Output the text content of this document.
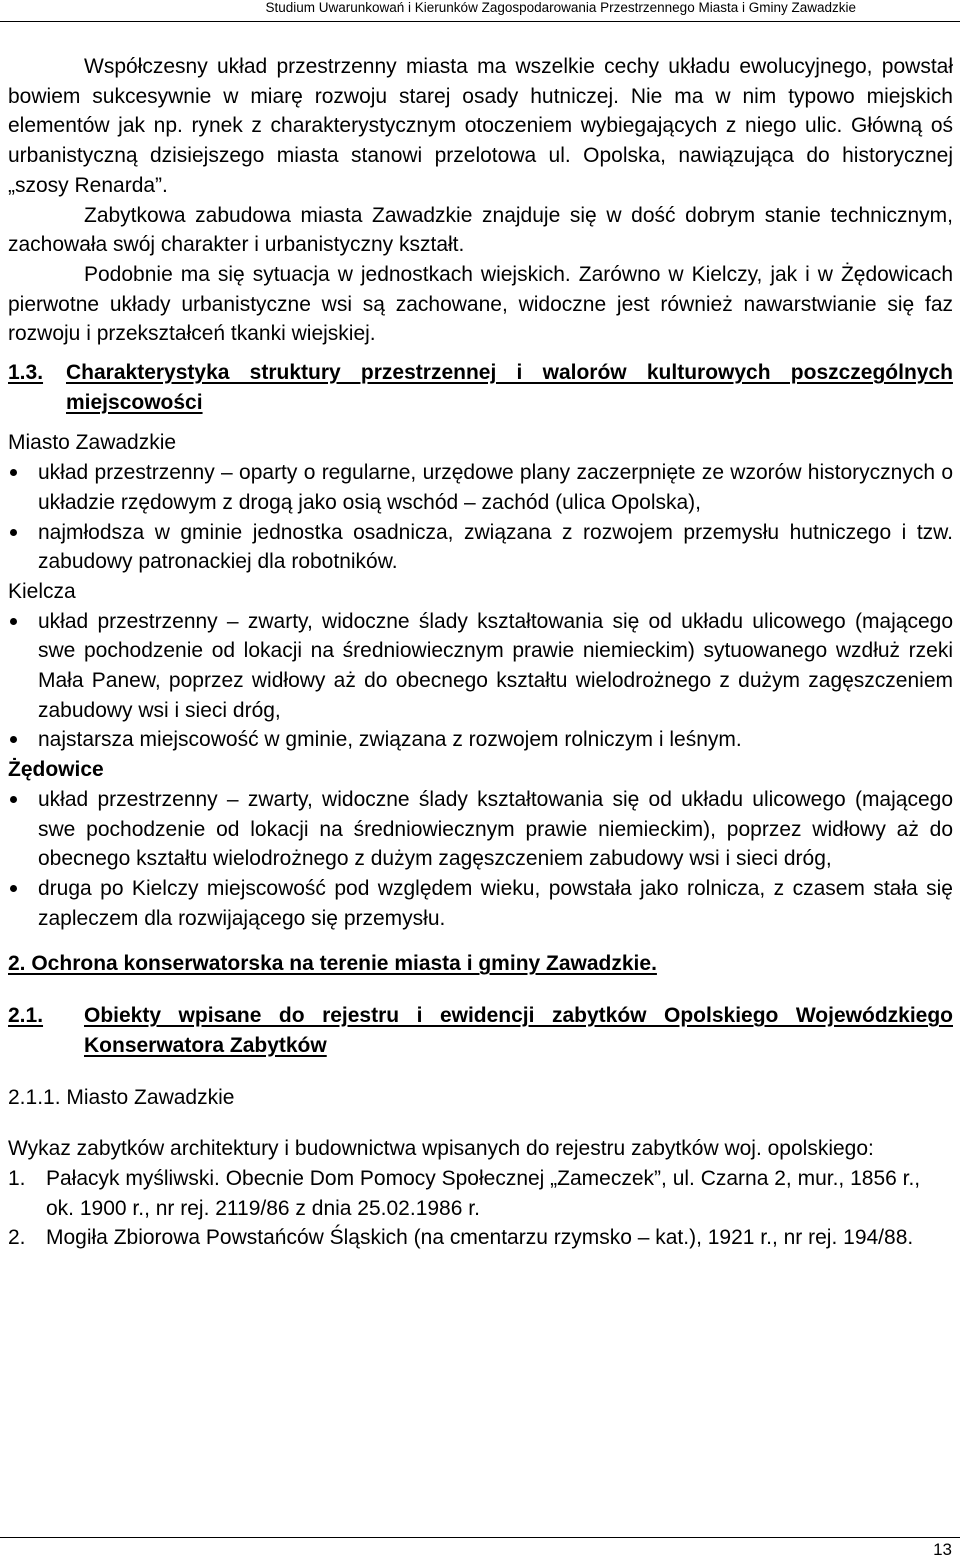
Studium Uwarunkowań i Kierunków Zagospodarowania Przestrzennego Miasta i Gminy Zawadzkie

Współczesny układ przestrzenny miasta ma wszelkie cechy układu ewolucyjnego, powstał bowiem sukcesywnie w miarę rozwoju starej osady hutniczej. Nie ma w nim typowo miejskich elementów jak np. rynek z charakterystycznym otoczeniem wybiegających z niego ulic. Główną oś urbanistyczną dzisiejszego miasta stanowi przelotowa ul. Opolska, nawiązująca do historycznej „szosy Renarda”.

Zabytkowa zabudowa miasta Zawadzkie znajduje się w dość dobrym stanie technicznym, zachowała swój charakter i urbanistyczny kształt.

Podobnie ma się sytuacja w jednostkach wiejskich. Zarówno w Kielczy, jak i w Żędowicach pierwotne układy urbanistyczne wsi są zachowane, widoczne jest również nawarstwianie się faz rozwoju i przekształceń tkanki wiejskiej.

1.3.	Charakterystyka struktury przestrzennej i walorów kulturowych poszczególnych miejscowości

Miasto Zawadzkie

układ przestrzenny – oparty o regularne, urzędowe plany zaczerpnięte ze wzorów historycznych o układzie rzędowym z drogą jako osią wschód – zachód (ulica Opolska),
najmłodsza w gminie jednostka osadnicza, związana z rozwojem przemysłu hutniczego i tzw. zabudowy patronackiej dla robotników.

Kielcza

układ przestrzenny – zwarty, widoczne ślady kształtowania się od układu ulicowego (mającego swe pochodzenie od lokacji na średniowiecznym prawie niemieckim) sytuowanego wzdłuż rzeki Mała Panew, poprzez widłowy aż do obecnego kształtu wielodrożnego z dużym zagęszczeniem zabudowy wsi i sieci dróg,
najstarsza miejscowość w gminie, związana z rozwojem rolniczym i leśnym.

Żędowice

układ przestrzenny – zwarty, widoczne ślady kształtowania się od układu ulicowego (mającego swe pochodzenie od lokacji na średniowiecznym prawie niemieckim), poprzez widłowy aż do obecnego kształtu wielodrożnego z dużym zagęszczeniem zabudowy wsi i sieci dróg,
druga po Kielczy miejscowość pod względem wieku, powstała jako rolnicza, z czasem stała się zapleczem dla rozwijającego się przemysłu.

2. Ochrona konserwatorska na terenie miasta i gminy Zawadzkie.

2.1.	Obiekty wpisane do rejestru i ewidencji zabytków Opolskiego Wojewódzkiego Konserwatora Zabytków

2.1.1. Miasto Zawadzkie

Wykaz zabytków architektury i budownictwa wpisanych do rejestru zabytków woj. opolskiego:

1. Pałacyk myśliwski. Obecnie Dom Pomocy Społecznej „Zameczek”, ul. Czarna 2, mur., 1856 r., ok. 1900 r., nr rej. 2119/86 z dnia 25.02.1986 r.
2. Mogiła Zbiorowa Powstańców Śląskich (na cmentarzu rzymsko – kat.), 1921 r., nr rej. 194/88.
13
